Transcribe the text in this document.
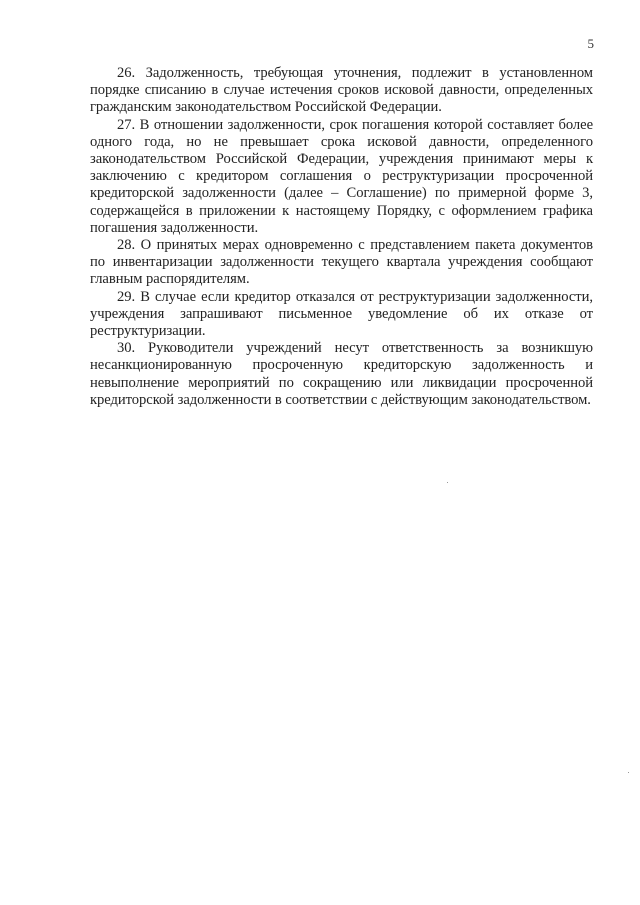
5

26. Задолженность, требующая уточнения, подлежит в установленном порядке списанию в случае истечения сроков исковой давности, определенных гражданским законодательством Российской Федерации.

27. В отношении задолженности, срок погашения которой составляет более одного года, но не превышает срока исковой давности, определенного законодательством Российской Федерации, учреждения принимают меры к заключению с кредитором соглашения о реструктуризации просроченной кредиторской задолженности (далее – Соглашение) по примерной форме 3, содержащейся в приложении к настоящему Порядку, с оформлением графика погашения задолженности.

28. О принятых мерах одновременно с представлением пакета документов по инвентаризации задолженности текущего квартала учреждения сообщают главным распорядителям.

29. В случае если кредитор отказался от реструктуризации задолженности, учреждения запрашивают письменное уведомление об их отказе от реструктуризации.

30. Руководители учреждений несут ответственность за возникшую несанкционированную просроченную кредиторскую задолженность и невыполнение мероприятий по сокращению или ликвидации просроченной кредиторской задолженности в соответствии с действующим законодательством.
